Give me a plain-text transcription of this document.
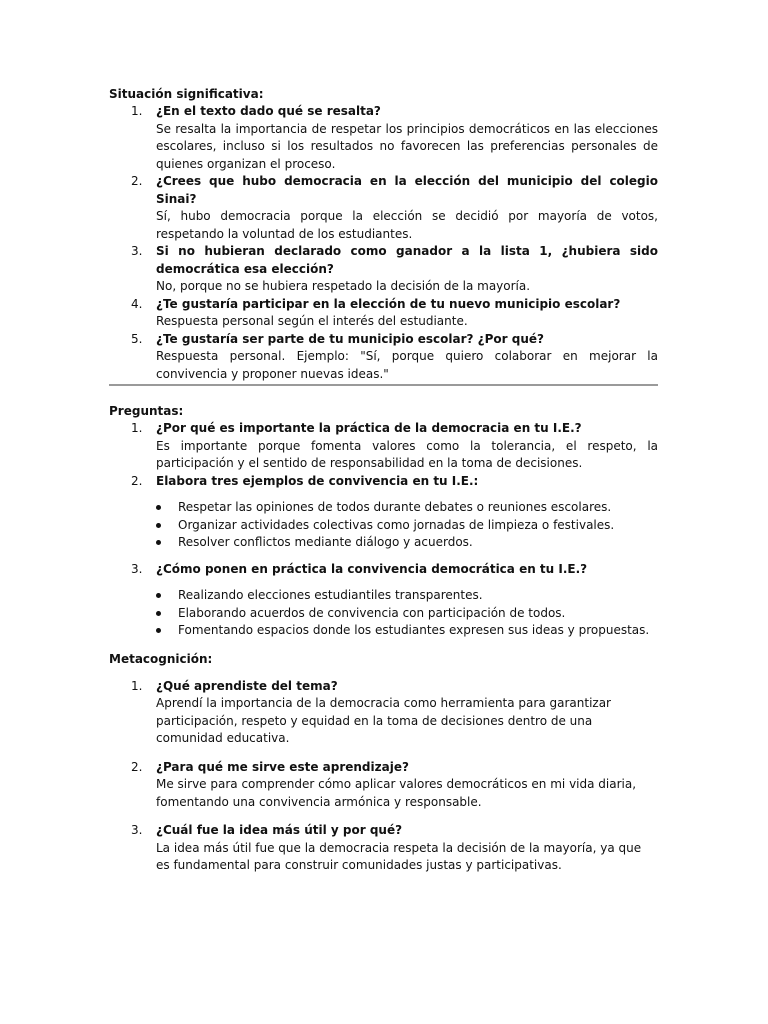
Situación significativa:
1. ¿En el texto dado qué se resalta?
Se resalta la importancia de respetar los principios democráticos en las elecciones escolares, incluso si los resultados no favorecen las preferencias personales de quienes organizan el proceso.
2. ¿Crees que hubo democracia en la elección del municipio del colegio Sinai?
Sí, hubo democracia porque la elección se decidió por mayoría de votos, respetando la voluntad de los estudiantes.
3. Si no hubieran declarado como ganador a la lista 1, ¿hubiera sido democrática esa elección?
No, porque no se hubiera respetado la decisión de la mayoría.
4. ¿Te gustaría participar en la elección de tu nuevo municipio escolar?
Respuesta personal según el interés del estudiante.
5. ¿Te gustaría ser parte de tu municipio escolar? ¿Por qué?
Respuesta personal. Ejemplo: "Sí, porque quiero colaborar en mejorar la convivencia y proponer nuevas ideas."
Preguntas:
1. ¿Por qué es importante la práctica de la democracia en tu I.E.?
Es importante porque fomenta valores como la tolerancia, el respeto, la participación y el sentido de responsabilidad en la toma de decisiones.
2. Elabora tres ejemplos de convivencia en tu I.E.:
Respetar las opiniones de todos durante debates o reuniones escolares.
Organizar actividades colectivas como jornadas de limpieza o festivales.
Resolver conflictos mediante diálogo y acuerdos.
3. ¿Cómo ponen en práctica la convivencia democrática en tu I.E.?
Realizando elecciones estudiantiles transparentes.
Elaborando acuerdos de convivencia con participación de todos.
Fomentando espacios donde los estudiantes expresen sus ideas y propuestas.
Metacognición:
1. ¿Qué aprendiste del tema?
Aprendí la importancia de la democracia como herramienta para garantizar participación, respeto y equidad en la toma de decisiones dentro de una comunidad educativa.
2. ¿Para qué me sirve este aprendizaje?
Me sirve para comprender cómo aplicar valores democráticos en mi vida diaria, fomentando una convivencia armónica y responsable.
3. ¿Cuál fue la idea más útil y por qué?
La idea más útil fue que la democracia respeta la decisión de la mayoría, ya que es fundamental para construir comunidades justas y participativas.
